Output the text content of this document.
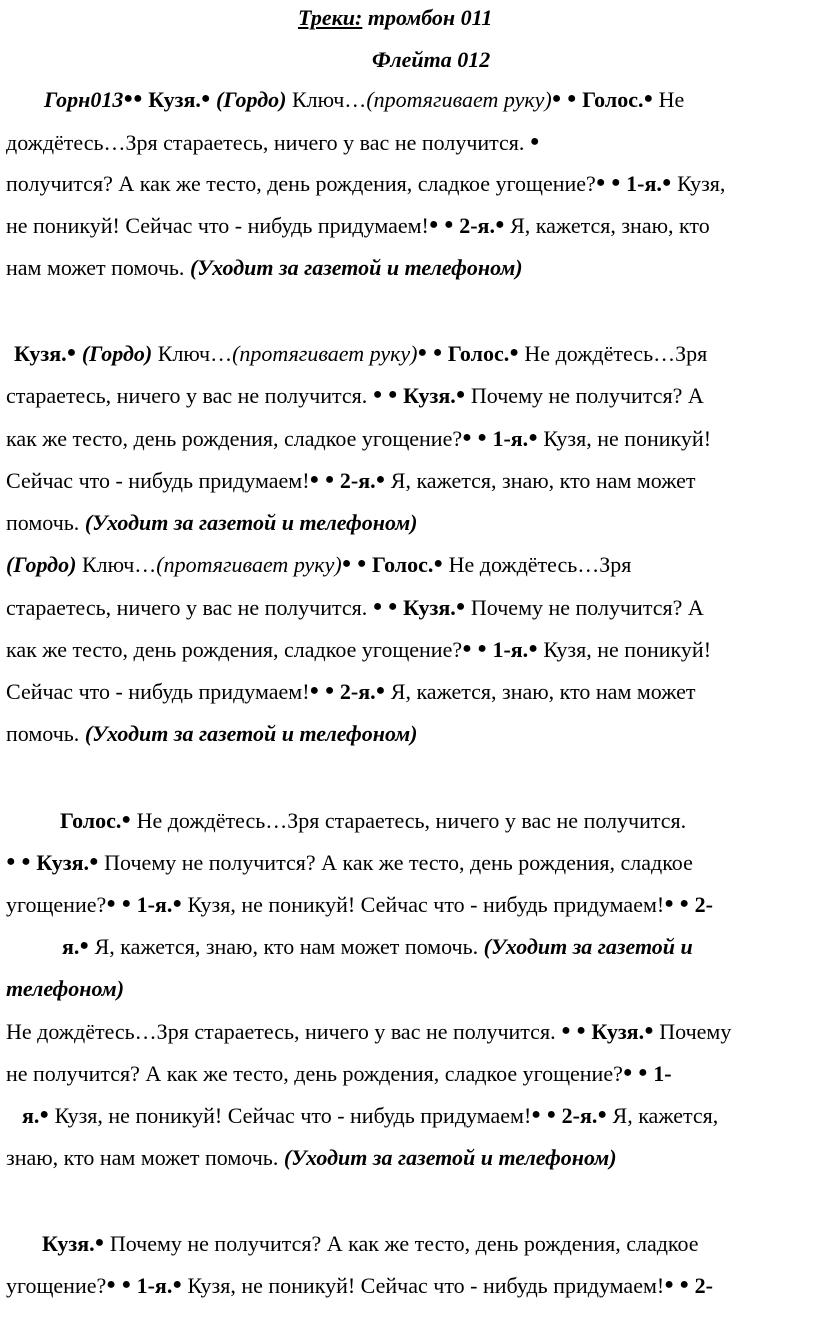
Треки: тромбон 011
Флейта 012
Горн013●● Кузя.● (Гордо) Ключ…(протягивает руку)● ● Голос.● Не
дождётесь…Зря стараетесь, ничего у вас не получится. ●
получится? А как же тесто, день рождения, сладкое угощение?● ● 1-я.● Кузя,
не поникуй! Сейчас что - нибудь придумаем!● ● 2-я.● Я, кажется, знаю, кто
нам может помочь. (Уходит за газетой и телефоном)
Кузя.● (Гордо) Ключ…(протягивает руку)● ● Голос.● Не дождётесь…Зря
стараетесь, ничего у вас не получится. ● ● Кузя.● Почему не получится? А
как же тесто, день рождения, сладкое угощение?● ● 1-я.● Кузя, не поникуй!
Сейчас что - нибудь придумаем!● ● 2-я.● Я, кажется, знаю, кто нам может
помочь. (Уходит за газетой и телефоном)
(Гордо) Ключ…(протягивает руку)● ● Голос.● Не дождётесь…Зря
стараетесь, ничего у вас не получится. ● ● Кузя.● Почему не получится? А
как же тесто, день рождения, сладкое угощение?● ● 1-я.● Кузя, не поникуй!
Сейчас что - нибудь придумаем!● ● 2-я.● Я, кажется, знаю, кто нам может
помочь. (Уходит за газетой и телефоном)
Голос.● Не дождётесь…Зря стараетесь, ничего у вас не получится.
● ● Кузя.● Почему не получится? А как же тесто, день рождения, сладкое
угощение?● ● 1-я.● Кузя, не поникуй! Сейчас что - нибудь придумаем!● ● 2-
я.● Я, кажется, знаю, кто нам может помочь. (Уходит за газетой и
телефоном)
Не дождётесь…Зря стараетесь, ничего у вас не получится. ● ● Кузя.● Почему
не получится? А как же тесто, день рождения, сладкое угощение?● ● 1-
я.● Кузя, не поникуй! Сейчас что - нибудь придумаем!● ● 2-я.● Я, кажется,
знаю, кто нам может помочь. (Уходит за газетой и телефоном)
Кузя.● Почему не получится? А как же тесто, день рождения, сладкое
угощение?● ● 1-я.● Кузя, не поникуй! Сейчас что - нибудь придумаем!● ● 2-
